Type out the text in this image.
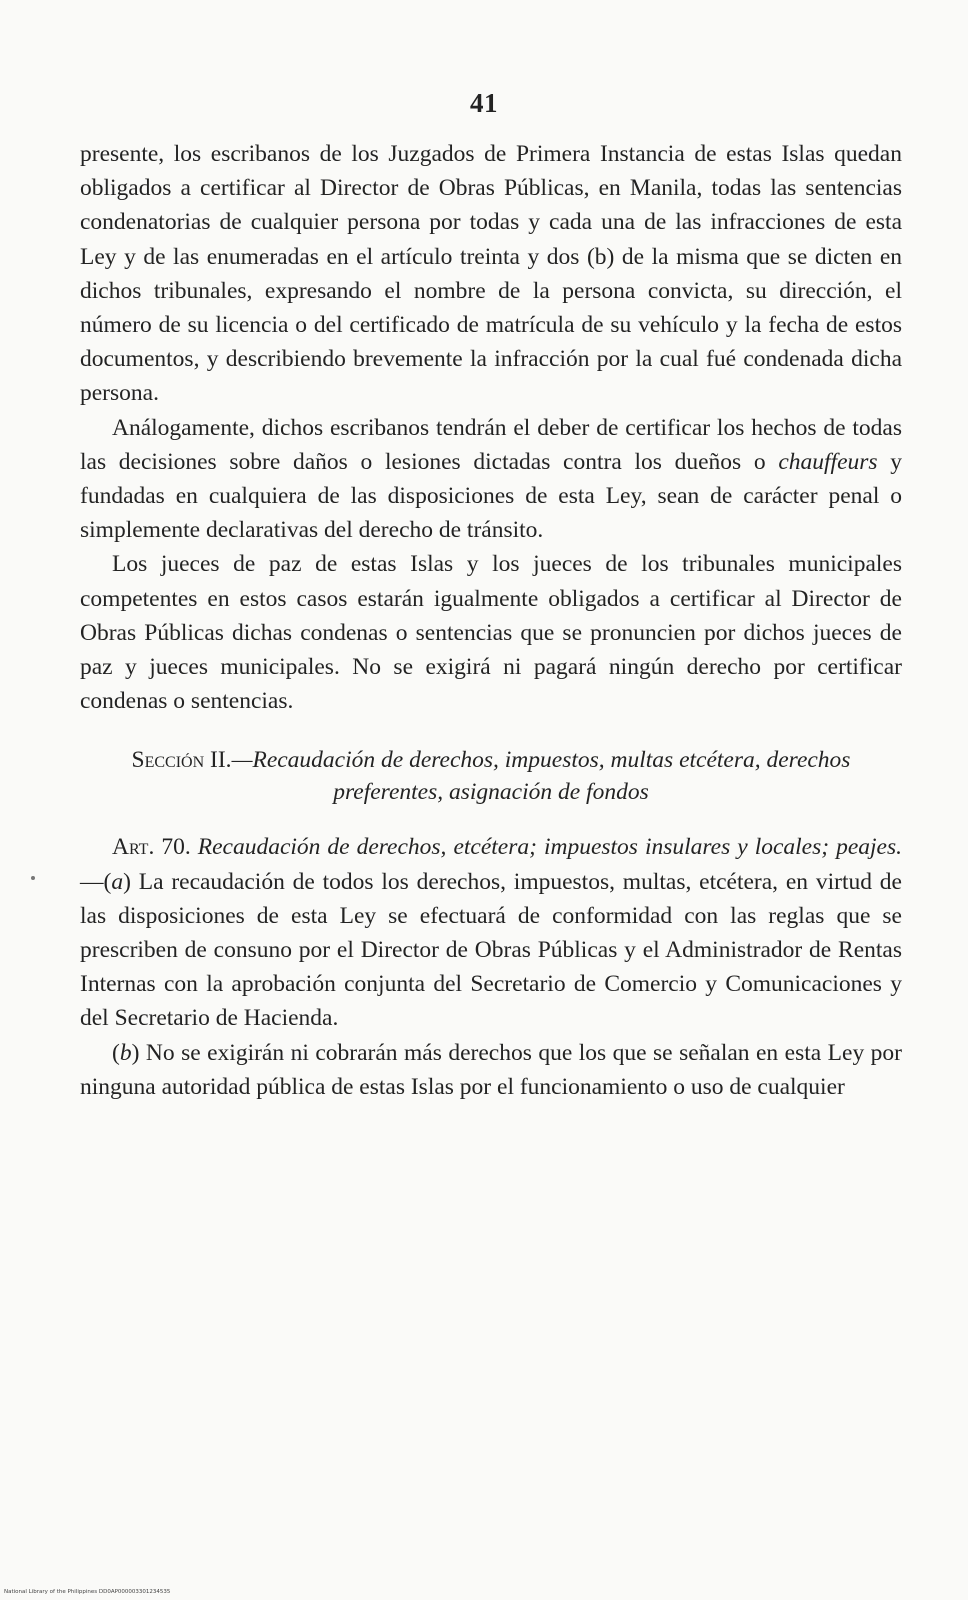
41

presente, los escribanos de los Juzgados de Primera Instancia de estas Islas quedan obligados a certificar al Director de Obras Públicas, en Manila, todas las sentencias condenatorias de cualquier persona por todas y cada una de las infracciones de esta Ley y de las enumeradas en el artículo treinta y dos (b) de la misma que se dicten en dichos tribunales, expresando el nombre de la persona convicta, su dirección, el número de su licencia o del certificado de matrícula de su vehículo y la fecha de estos documentos, y describiendo brevemente la infracción por la cual fué condenada dicha persona.

Análogamente, dichos escribanos tendrán el deber de certificar los hechos de todas las decisiones sobre daños o lesiones dictadas contra los dueños o chauffeurs y fundadas en cualquiera de las disposiciones de esta Ley, sean de carácter penal o simplemente declarativas del derecho de tránsito.

Los jueces de paz de estas Islas y los jueces de los tribunales municipales competentes en estos casos estarán igualmente obligados a certificar al Director de Obras Públicas dichas condenas o sentencias que se pronuncien por dichos jueces de paz y jueces municipales. No se exigirá ni pagará ningún derecho por certificar condenas o sentencias.

Sección II.—Recaudación de derechos, impuestos, multas etcétera, derechos preferentes, asignación de fondos

Art. 70. Recaudación de derechos, etcétera; impuestos insulares y locales; peajes.—(a) La recaudación de todos los derechos, impuestos, multas, etcétera, en virtud de las disposiciones de esta Ley se efectuará de conformidad con las reglas que se prescriben de consuno por el Director de Obras Públicas y el Administrador de Rentas Internas con la aprobación conjunta del Secretario de Comercio y Comunicaciones y del Secretario de Hacienda.

(b) No se exigirán ni cobrarán más derechos que los que se señalan en esta Ley por ninguna autoridad pública de estas Islas por el funcionamiento o uso de cualquier

National Library of the Philippines DD0AP000003301234535
